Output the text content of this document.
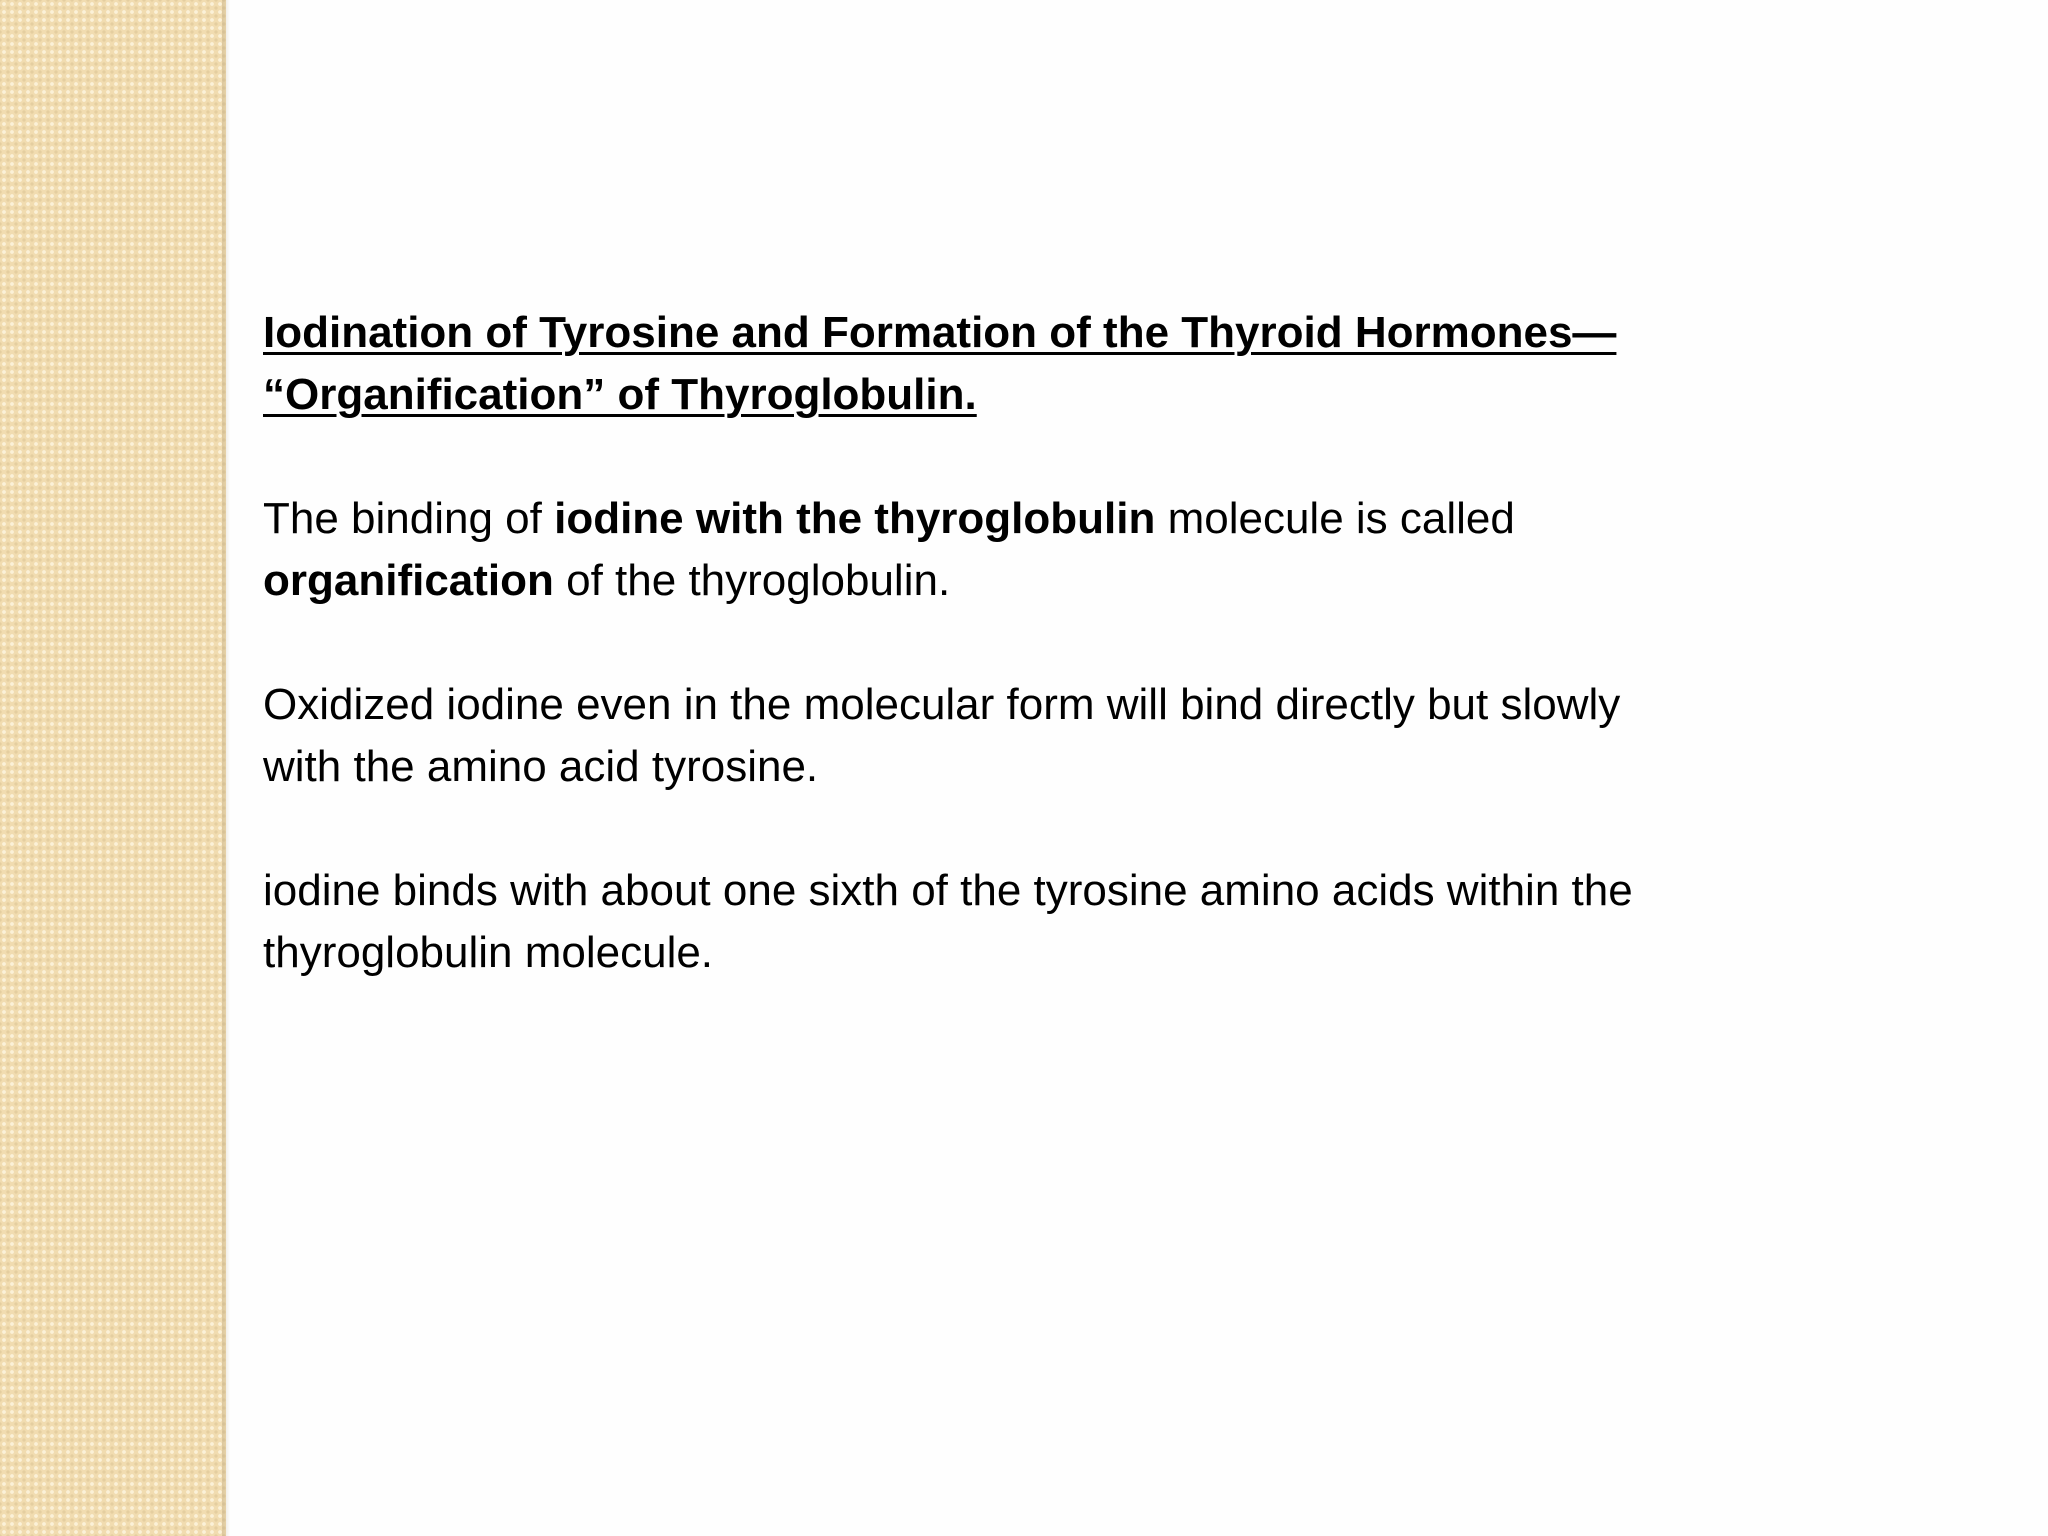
Iodination of Tyrosine and Formation of the Thyroid Hormones—
“Organification” of Thyroglobulin.
The binding of iodine with the thyroglobulin molecule is called
organification of the thyroglobulin.
Oxidized iodine even in the molecular form will bind directly but slowly
with the amino acid tyrosine.
iodine binds with about one sixth of the tyrosine amino acids within the
thyroglobulin molecule.
